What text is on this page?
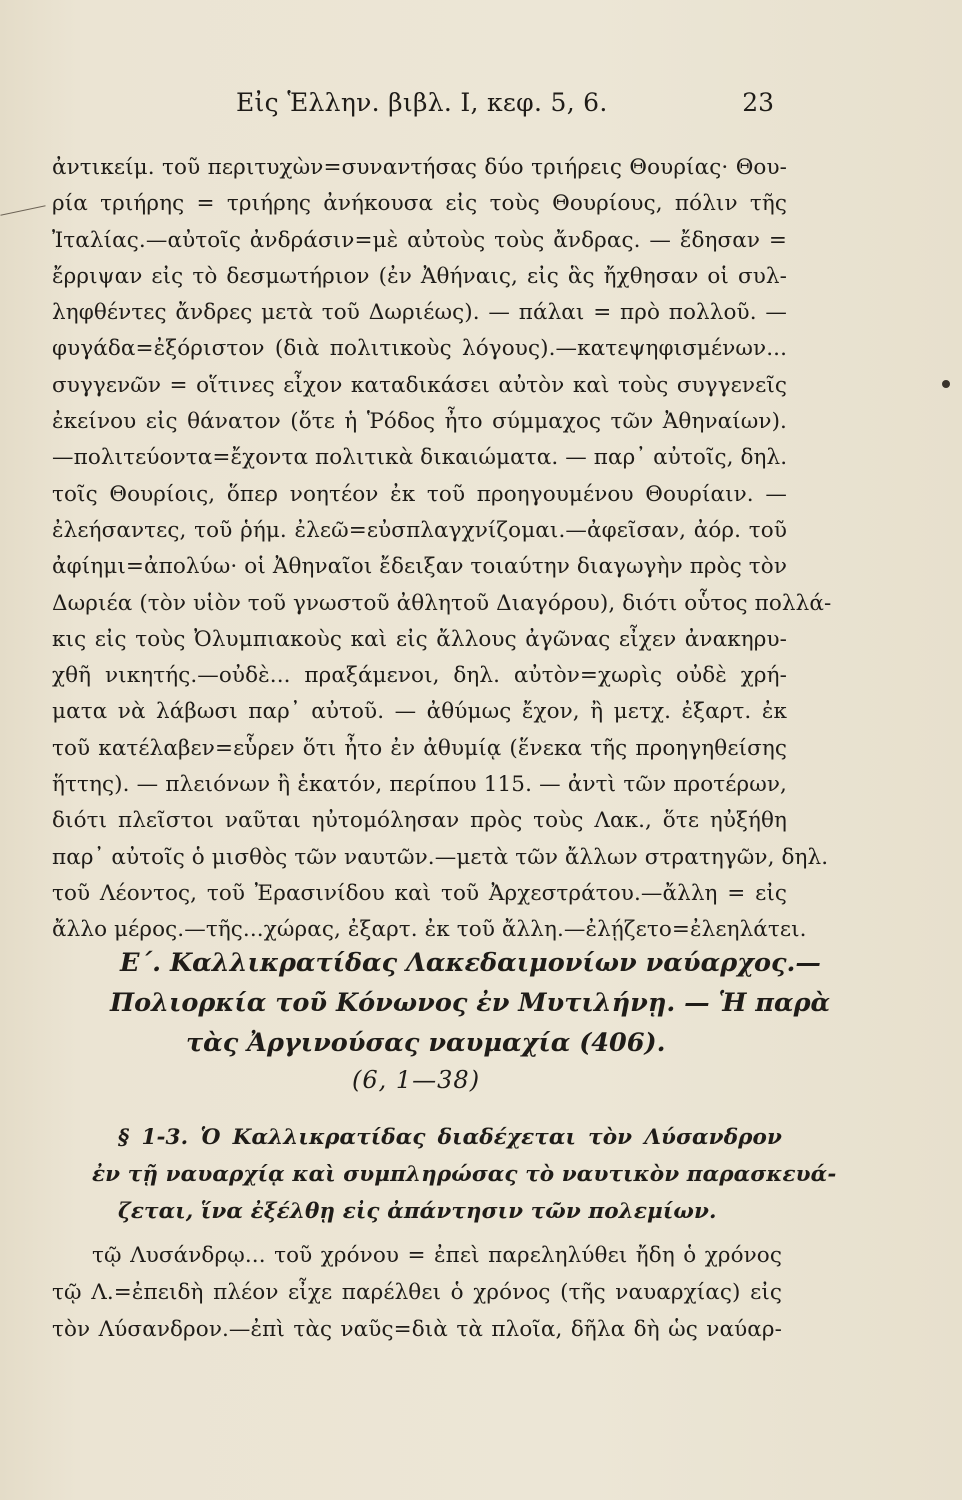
Εἰς Ἑλλην. βιβλ. I, κεφ. 5, 6.	23
ἀντικείμ. τοῦ περιτυχὼν=συναντήσας δύο τριήρεις Θουρίας· Θου-
ρία τριήρης = τριήρης ἀνήκουσα εἰς τοὺς Θουρίους, πόλιν τῆς
Ἰταλίας.—αὐτοῖς ἀνδράσιν=μὲ αὐτοὺς τοὺς ἄνδρας. — ἔδησαν =
ἔρριψαν εἰς τὸ δεσμωτήριον (ἐν Ἀθήναις, εἰς ἃς ἤχθησαν οἱ συλ-
ληφθέντες ἄνδρες μετὰ τοῦ Δωριέως). — πάλαι = πρὸ πολλοῦ. —
φυγάδα=ἐξόριστον (διὰ πολιτικοὺς λόγους).—κατεψηφισμένων...
συγγενῶν = οἵτινες εἶχον καταδικάσει αὐτὸν καὶ τοὺς συγγενεῖς
ἐκείνου εἰς θάνατον (ὅτε ἡ Ῥόδος ἦτο σύμμαχος τῶν Ἀθηναίων).
—πολιτεύοντα=ἔχοντα πολιτικὰ δικαιώματα. — παρ᾽ αὐτοῖς, δηλ.
τοῖς Θουρίοις, ὅπερ νοητέον ἐκ τοῦ προηγουμένου Θουρίαιν. —
ἐλεήσαντες, τοῦ ῥήμ. ἐλεῶ=εὐσπλαγχνίζομαι.—ἀφεῖσαν, ἀόρ. τοῦ
ἀφίημι=ἀπολύω· οἱ Ἀθηναῖοι ἔδειξαν τοιαύτην διαγωγὴν πρὸς τὸν
Δωριέα (τὸν υἱὸν τοῦ γνωστοῦ ἀθλητοῦ Διαγόρου), διότι οὗτος πολλά-
κις εἰς τοὺς Ὀλυμπιακοὺς καὶ εἰς ἄλλους ἀγῶνας εἶχεν ἀνακηρυ-
χθῆ νικητής.—οὐδὲ... πραξάμενοι, δηλ. αὐτὸν=χωρὶς οὐδὲ χρή-
ματα νὰ λάβωσι παρ᾽ αὐτοῦ. — ἀθύμως ἔχον, ἢ μετχ. ἐξαρτ. ἐκ
τοῦ κατέλαβεν=εὗρεν ὅτι ἦτο ἐν ἀθυμίᾳ (ἕνεκα τῆς προηγηθείσης
ἥττης). — πλειόνων ἢ ἑκατόν, περίπου 115. — ἀντὶ τῶν προτέρων,
διότι πλεῖστοι ναῦται ηὐτομόλησαν πρὸς τοὺς Λακ., ὅτε ηὐξήθη
παρ᾽ αὐτοῖς ὁ μισθὸς τῶν ναυτῶν.—μετὰ τῶν ἄλλων στρατηγῶν, δηλ.
τοῦ Λέοντος, τοῦ Ἐρασινίδου καὶ τοῦ Ἀρχεστράτου.—ἄλλη = εἰς
ἄλλο μέρος.—τῆς...χώρας, ἐξαρτ. ἐκ τοῦ ἄλλη.—ἐλῄζετο=ἐλεηλάτει.
Ε΄. Καλλικρατίδας Λακεδαιμονίων ναύαρχος.—
Πολιορκία τοῦ Κόνωνος ἐν Μυτιλήνῃ. — Ἡ παρὰ
τὰς Ἀργινούσας ναυμαχία (406).
(6, 1—38)
§ 1-3. Ὁ Καλλικρατίδας διαδέχεται τὸν Λύσανδρον
ἐν τῇ ναυαρχίᾳ καὶ συμπληρώσας τὸ ναυτικὸν παρασκευά-
ζεται, ἵνα ἐξέλθῃ εἰς ἀπάντησιν τῶν πολεμίων.
τῷ Λυσάνδρῳ... τοῦ χρόνου = ἐπεὶ παρεληλύθει ἤδη ὁ χρόνος
τῷ Λ.=ἐπειδὴ πλέον εἶχε παρέλθει ὁ χρόνος (τῆς ναυαρχίας) εἰς
τὸν Λύσανδρον.—ἐπὶ τὰς ναῦς=διὰ τὰ πλοῖα, δῆλα δὴ ὡς ναύαρ-
